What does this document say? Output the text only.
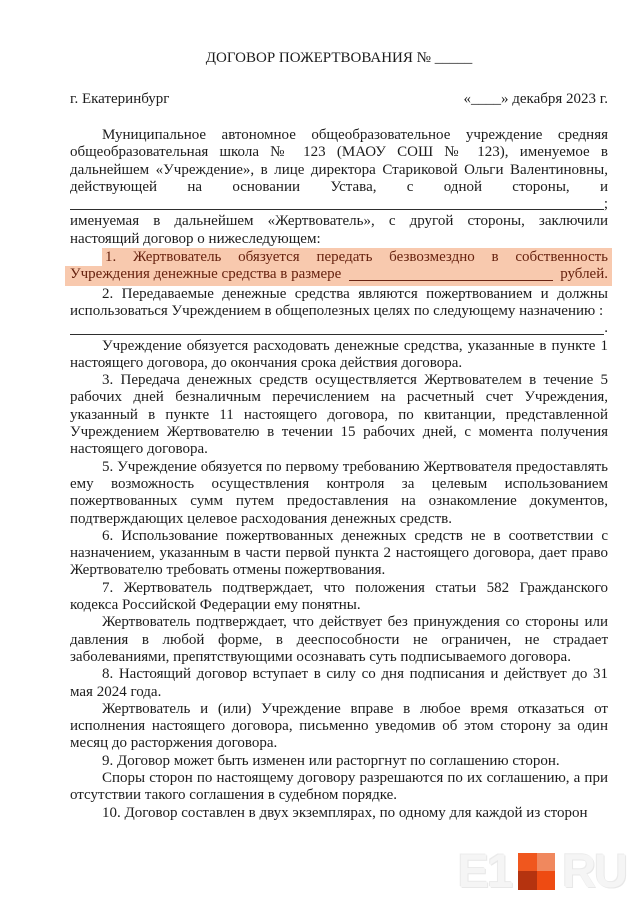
ДОГОВОР ПОЖЕРТВОВАНИЯ № _____
г. Екатеринбург	«____» декабря 2023 г.

Муниципальное автономное общеобразовательное учреждение средняя общеобразовательная школа № 123 (МАОУ СОШ № 123), именуемое в дальнейшем «Учреждение», в лице директора Стариковой Ольги Валентиновны, действующей на основании Устава, с одной стороны, и

;

именуемая в дальнейшем «Жертвователь», с другой стороны, заключили настоящий договор о нижеследующем:

1. Жертвователь обязуется передать безвозмездно в собственность
Учреждения денежные средства в размере	рублей.

2. Передаваемые денежные средства являются пожертвованием и должны использоваться Учреждением в общеполезных целях по следующему назначению :

.

Учреждение обязуется расходовать денежные средства, указанные в пункте 1 настоящего договора, до окончания срока действия договора.

3. Передача денежных средств осуществляется Жертвователем в течение 5 рабочих дней безналичным перечислением на расчетный счет Учреждения, указанный в пункте 11 настоящего договора, по квитанции, представленной Учреждением Жертвователю в течении 15 рабочих дней, с момента получения настоящего договора.

5. Учреждение обязуется по первому требованию Жертвователя предоставлять ему возможность осуществления контроля за целевым использованием пожертвованных сумм путем предоставления на ознакомление документов, подтверждающих целевое расходования денежных средств.

6. Использование пожертвованных денежных средств не в соответствии с назначением, указанным в части первой пункта 2 настоящего договора, дает право Жертвователю требовать отмены пожертвования.

7. Жертвователь подтверждает, что положения статьи 582 Гражданского кодекса Российской Федерации ему понятны.

Жертвователь подтверждает, что действует без принуждения со стороны или давления в любой форме, в дееспособности не ограничен, не страдает заболеваниями, препятствующими осознавать суть подписываемого договора.

8. Настоящий договор вступает в силу со дня подписания и действует до 31 мая 2024 года.

Жертвователь и (или) Учреждение вправе в любое время отказаться от исполнения настоящего договора, письменно уведомив об этом сторону за один месяц до расторжения договора.

9. Договор может быть изменен или расторгнут по соглашению сторон.

Споры сторон по настоящему договору разрешаются по их соглашению, а при отсутствии такого соглашения в судебном порядке.

10. Договор составлен в двух экземплярах, по одному для каждой из сторон

E1 RU
